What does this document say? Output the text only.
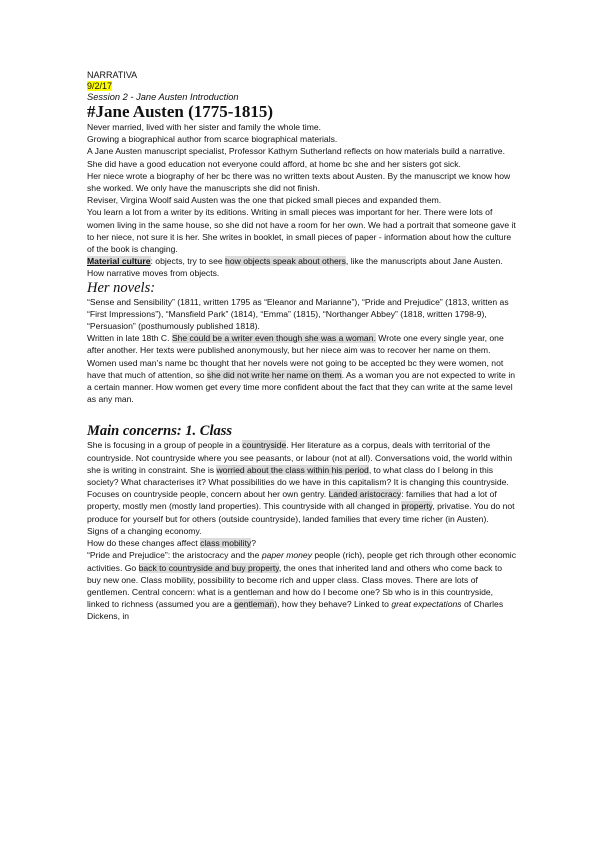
NARRATIVA

9/2/17

Session 2 - Jane Austen Introduction

#Jane Austen (1775-1815)

Never married, lived with her sister and family the whole time.

Growing a biographical author from scarce biographical materials.

A Jane Austen manuscript specialist, Professor Kathyrn Sutherland reflects on how materials build a narrative.

She did have a good education not everyone could afford, at home bc she and her sisters got sick.

Her niece wrote a biography of her bc there was no written texts about Austen. By the manuscript we know how she worked. We only have the manuscripts she did not finish.

Reviser, Virgina Woolf said Austen was the one that picked small pieces and expanded them.

You learn a lot from a writer by its editions. Writing in small pieces was important for her. There were lots of women living in the same house, so she did not have a room for her own. We had a portrait that someone gave it to her niece, not sure it is her. She writes in booklet, in small pieces of paper - information about how the culture of the book is changing.

Material culture: objects, try to see how objects speak about others, like the manuscripts about Jane Austen. How narrative moves from objects.

Her novels:

“Sense and Sensibility” (1811, written 1795 as “Eleanor and Marianne”), “Pride and Prejudice” (1813, written as “First Impressions”), “Mansfield Park” (1814), “Emma” (1815), “Northanger Abbey” (1818, written 1798-9), “Persuasion” (posthumously published 1818).

Written in late 18th C. She could be a writer even though she was a woman. Wrote one every single year, one after another. Her texts were published anonymously, but her niece aim was to recover her name on them.

Women used man’s name bc thought that her novels were not going to be accepted bc they were women, not have that much of attention, so she did not write her name on them. As a woman you are not expected to write in a certain manner. How women get every time more confident about the fact that they can write at the same level as any man.

Main concerns: 1. Class

She is focusing in a group of people in a countryside. Her literature as a corpus, deals with territorial of the countryside. Not countryside where you see peasants, or labour (not at all). Conversations void, the world within she is writing in constraint. She is worried about the class within his period, to what class do I belong in this society? What characterises it? What possibilities do we have in this capitalism? It is changing this countryside. Focuses on countryside people, concern about her own gentry. Landed aristocracy: families that had a lot of property, mostly men (mostly land properties). This countryside with all changed in property, privatise. You do not produce for yourself but for others (outside countryside), landed families that every time richer (in Austen).

Signs of a changing economy.

How do these changes affect class mobility?

“Pride and Prejudice”: the aristocracy and the paper money people (rich), people get rich through other economic activities. Go back to countryside and buy property, the ones that inherited land and others who come back to buy new one. Class mobility, possibility to become rich and upper class. Class moves. There are lots of gentlemen. Central concern: what is a gentleman and how do I become one? Sb who is in this countryside, linked to richness (assumed you are a gentleman), how they behave? Linked to great expectations of Charles Dickens, in
